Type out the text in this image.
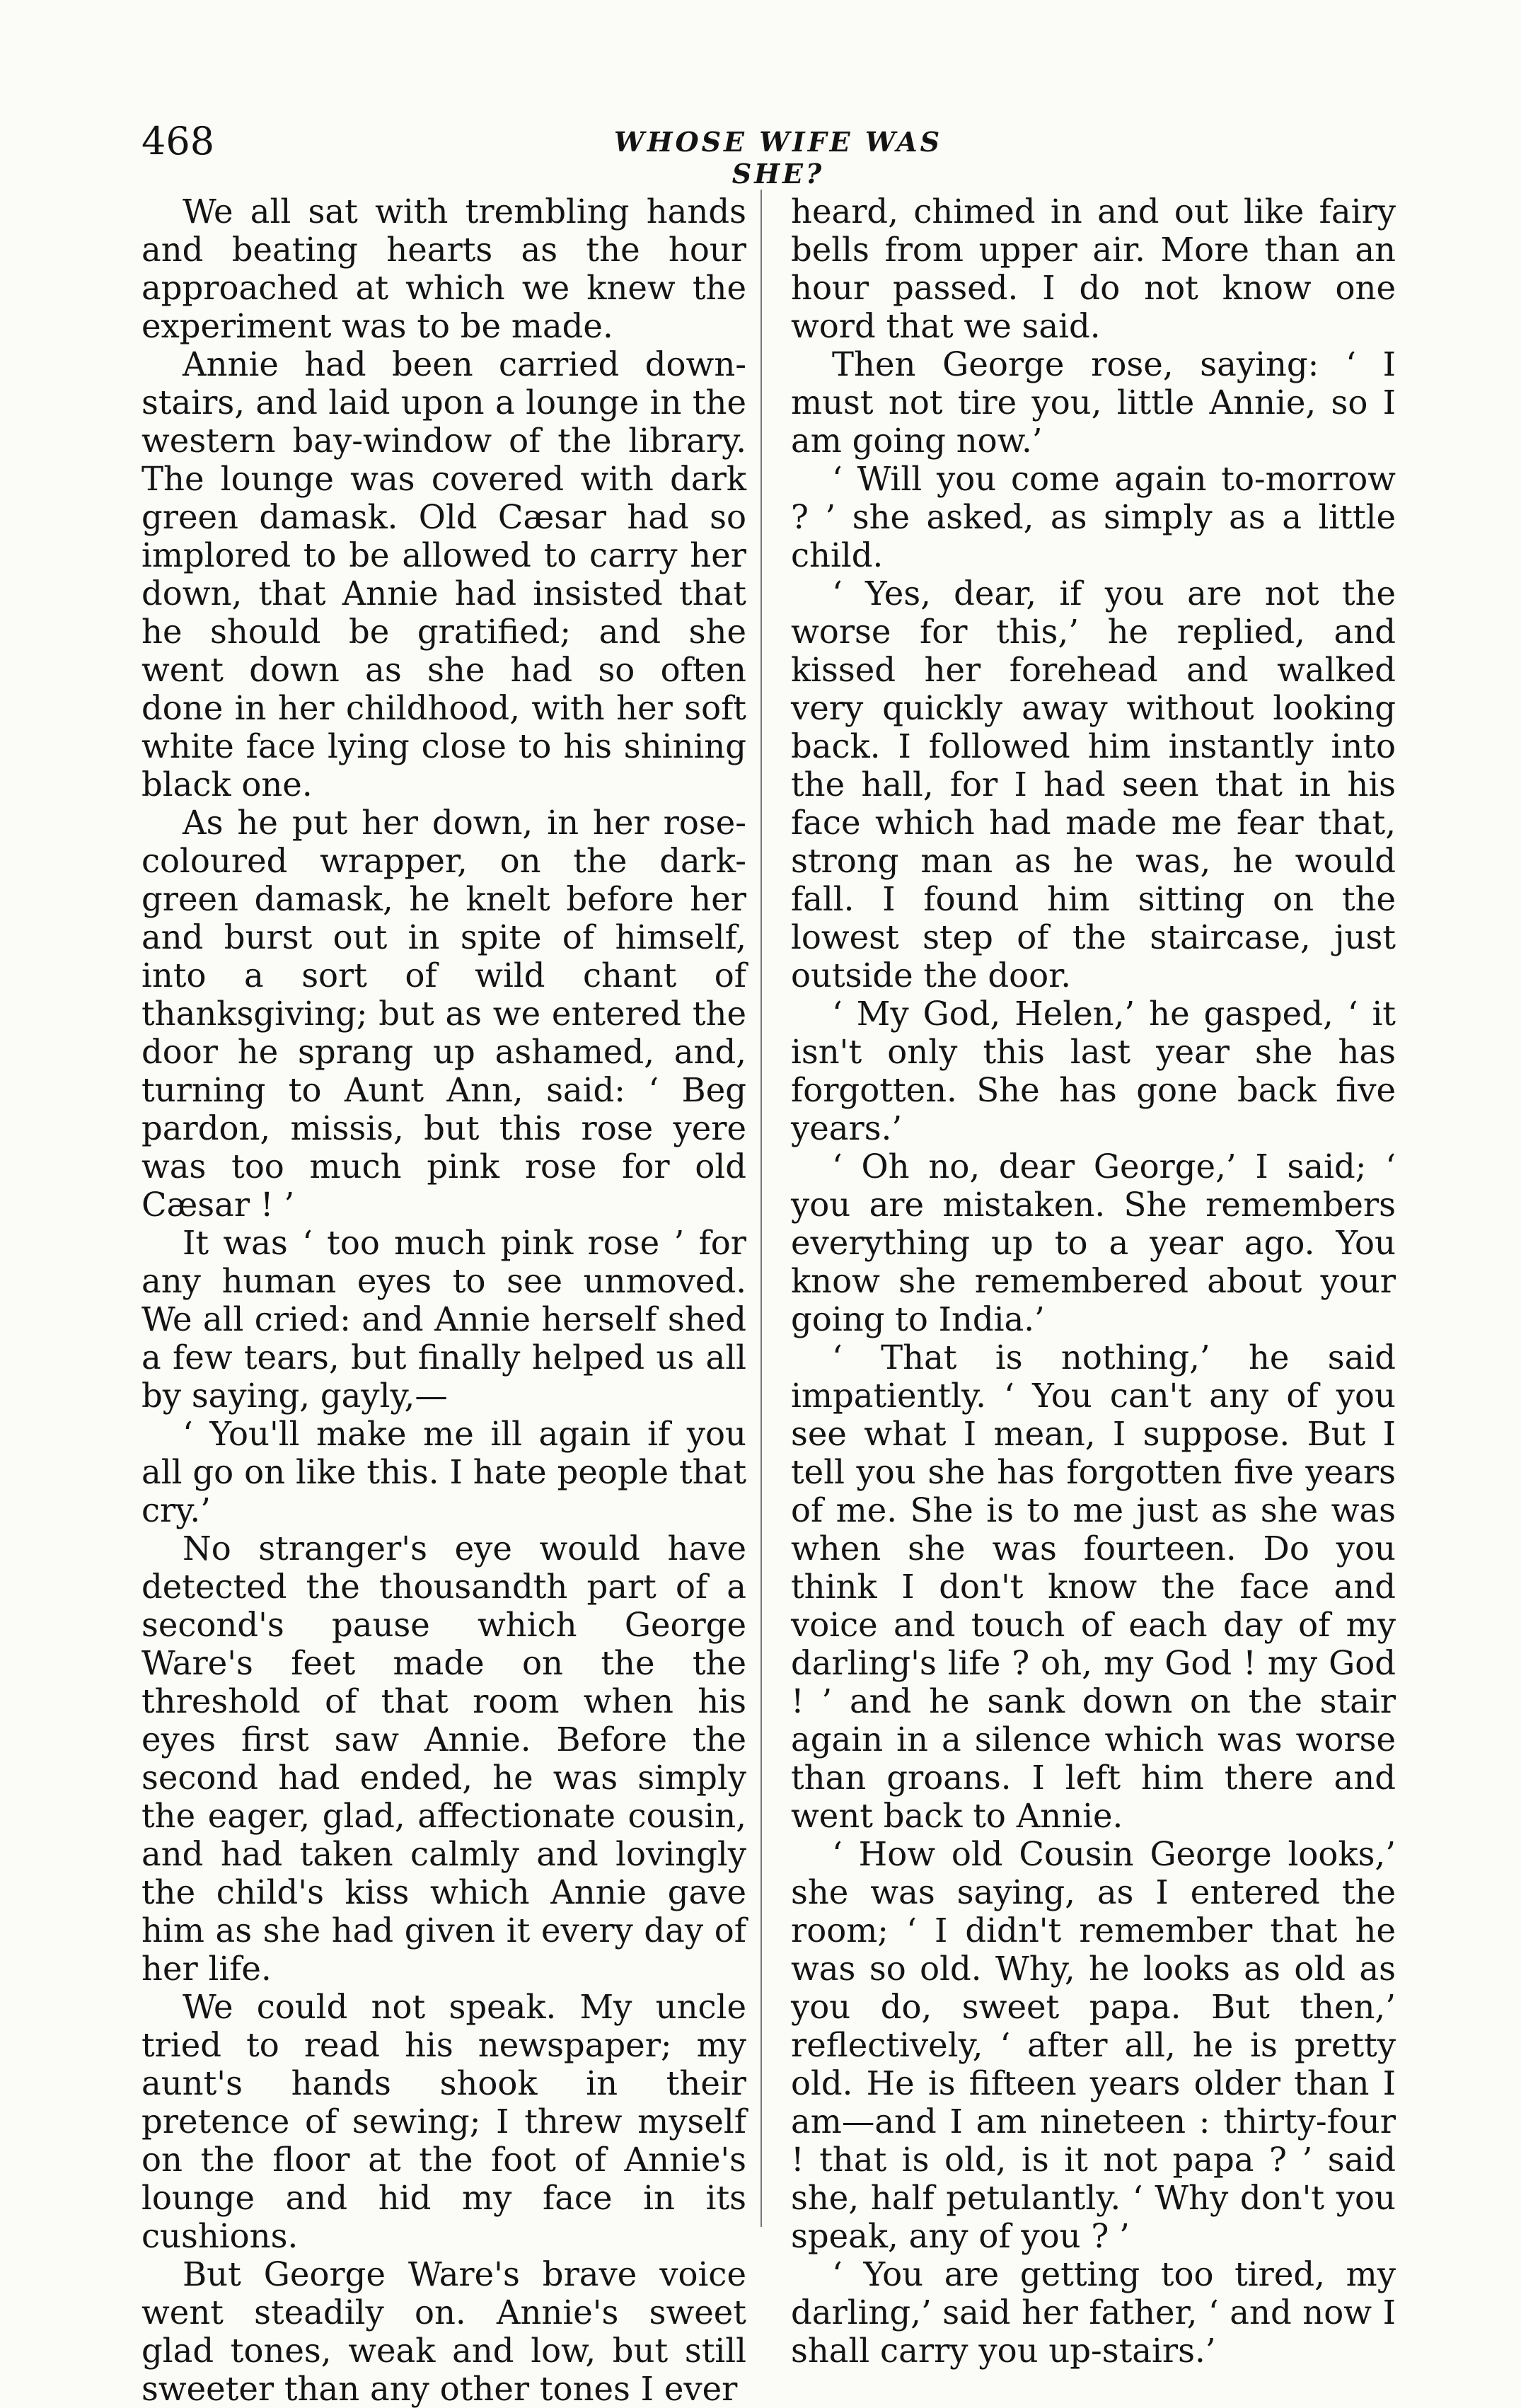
468	WHOSE WIFE WAS SHE?

We all sat with trembling hands and beating hearts as the hour approached at which we knew the experiment was to be made.

Annie had been carried down-stairs, and laid upon a lounge in the western bay-window of the library. The lounge was covered with dark green damask. Old Cæsar had so implored to be allowed to carry her down, that Annie had insisted that he should be gratified; and she went down as she had so often done in her childhood, with her soft white face lying close to his shining black one.

As he put her down, in her rose-coloured wrapper, on the dark-green damask, he knelt before her and burst out in spite of himself, into a sort of wild chant of thanksgiving; but as we entered the door he sprang up ashamed, and, turning to Aunt Ann, said: ‘ Beg pardon, missis, but this rose yere was too much pink rose for old Cæsar ! ’

It was ‘ too much pink rose ’ for any human eyes to see unmoved. We all cried: and Annie herself shed a few tears, but finally helped us all by saying, gayly,—

‘ You'll make me ill again if you all go on like this. I hate people that cry.’

No stranger's eye would have detected the thousandth part of a second's pause which George Ware's feet made on the the threshold of that room when his eyes first saw Annie. Before the second had ended, he was simply the eager, glad, affectionate cousin, and had taken calmly and lovingly the child's kiss which Annie gave him as she had given it every day of her life.

We could not speak. My uncle tried to read his newspaper; my aunt's hands shook in their pretence of sewing; I threw myself on the floor at the foot of Annie's lounge and hid my face in its cushions.

But George Ware's brave voice went steadily on. Annie's sweet glad tones, weak and low, but still sweeter than any other tones I ever

heard, chimed in and out like fairy bells from upper air. More than an hour passed. I do not know one word that we said.

Then George rose, saying: ‘ I must not tire you, little Annie, so I am going now.’

‘ Will you come again to-morrow ? ’ she asked, as simply as a little child.

‘ Yes, dear, if you are not the worse for this,’ he replied, and kissed her forehead and walked very quickly away without looking back. I followed him instantly into the hall, for I had seen that in his face which had made me fear that, strong man as he was, he would fall. I found him sitting on the lowest step of the staircase, just outside the door.

‘ My God, Helen,’ he gasped, ‘ it isn't only this last year she has forgotten. She has gone back five years.’

‘ Oh no, dear George,’ I said; ‘ you are mistaken. She remembers everything up to a year ago. You know she remembered about your going to India.’

‘ That is nothing,’ he said impatiently. ‘ You can't any of you see what I mean, I suppose. But I tell you she has forgotten five years of me. She is to me just as she was when she was fourteen. Do you think I don't know the face and voice and touch of each day of my darling's life ? oh, my God ! my God ! ’ and he sank down on the stair again in a silence which was worse than groans. I left him there and went back to Annie.

‘ How old Cousin George looks,’ she was saying, as I entered the room; ‘ I didn't remember that he was so old. Why, he looks as old as you do, sweet papa. But then,’ reflectively, ‘ after all, he is pretty old. He is fifteen years older than I am—and I am nineteen : thirty-four ! that is old, is it not papa ? ’ said she, half petulantly. ‘ Why don't you speak, any of you ? ’

‘ You are getting too tired, my darling,’ said her father, ‘ and now I shall carry you up-stairs.’
